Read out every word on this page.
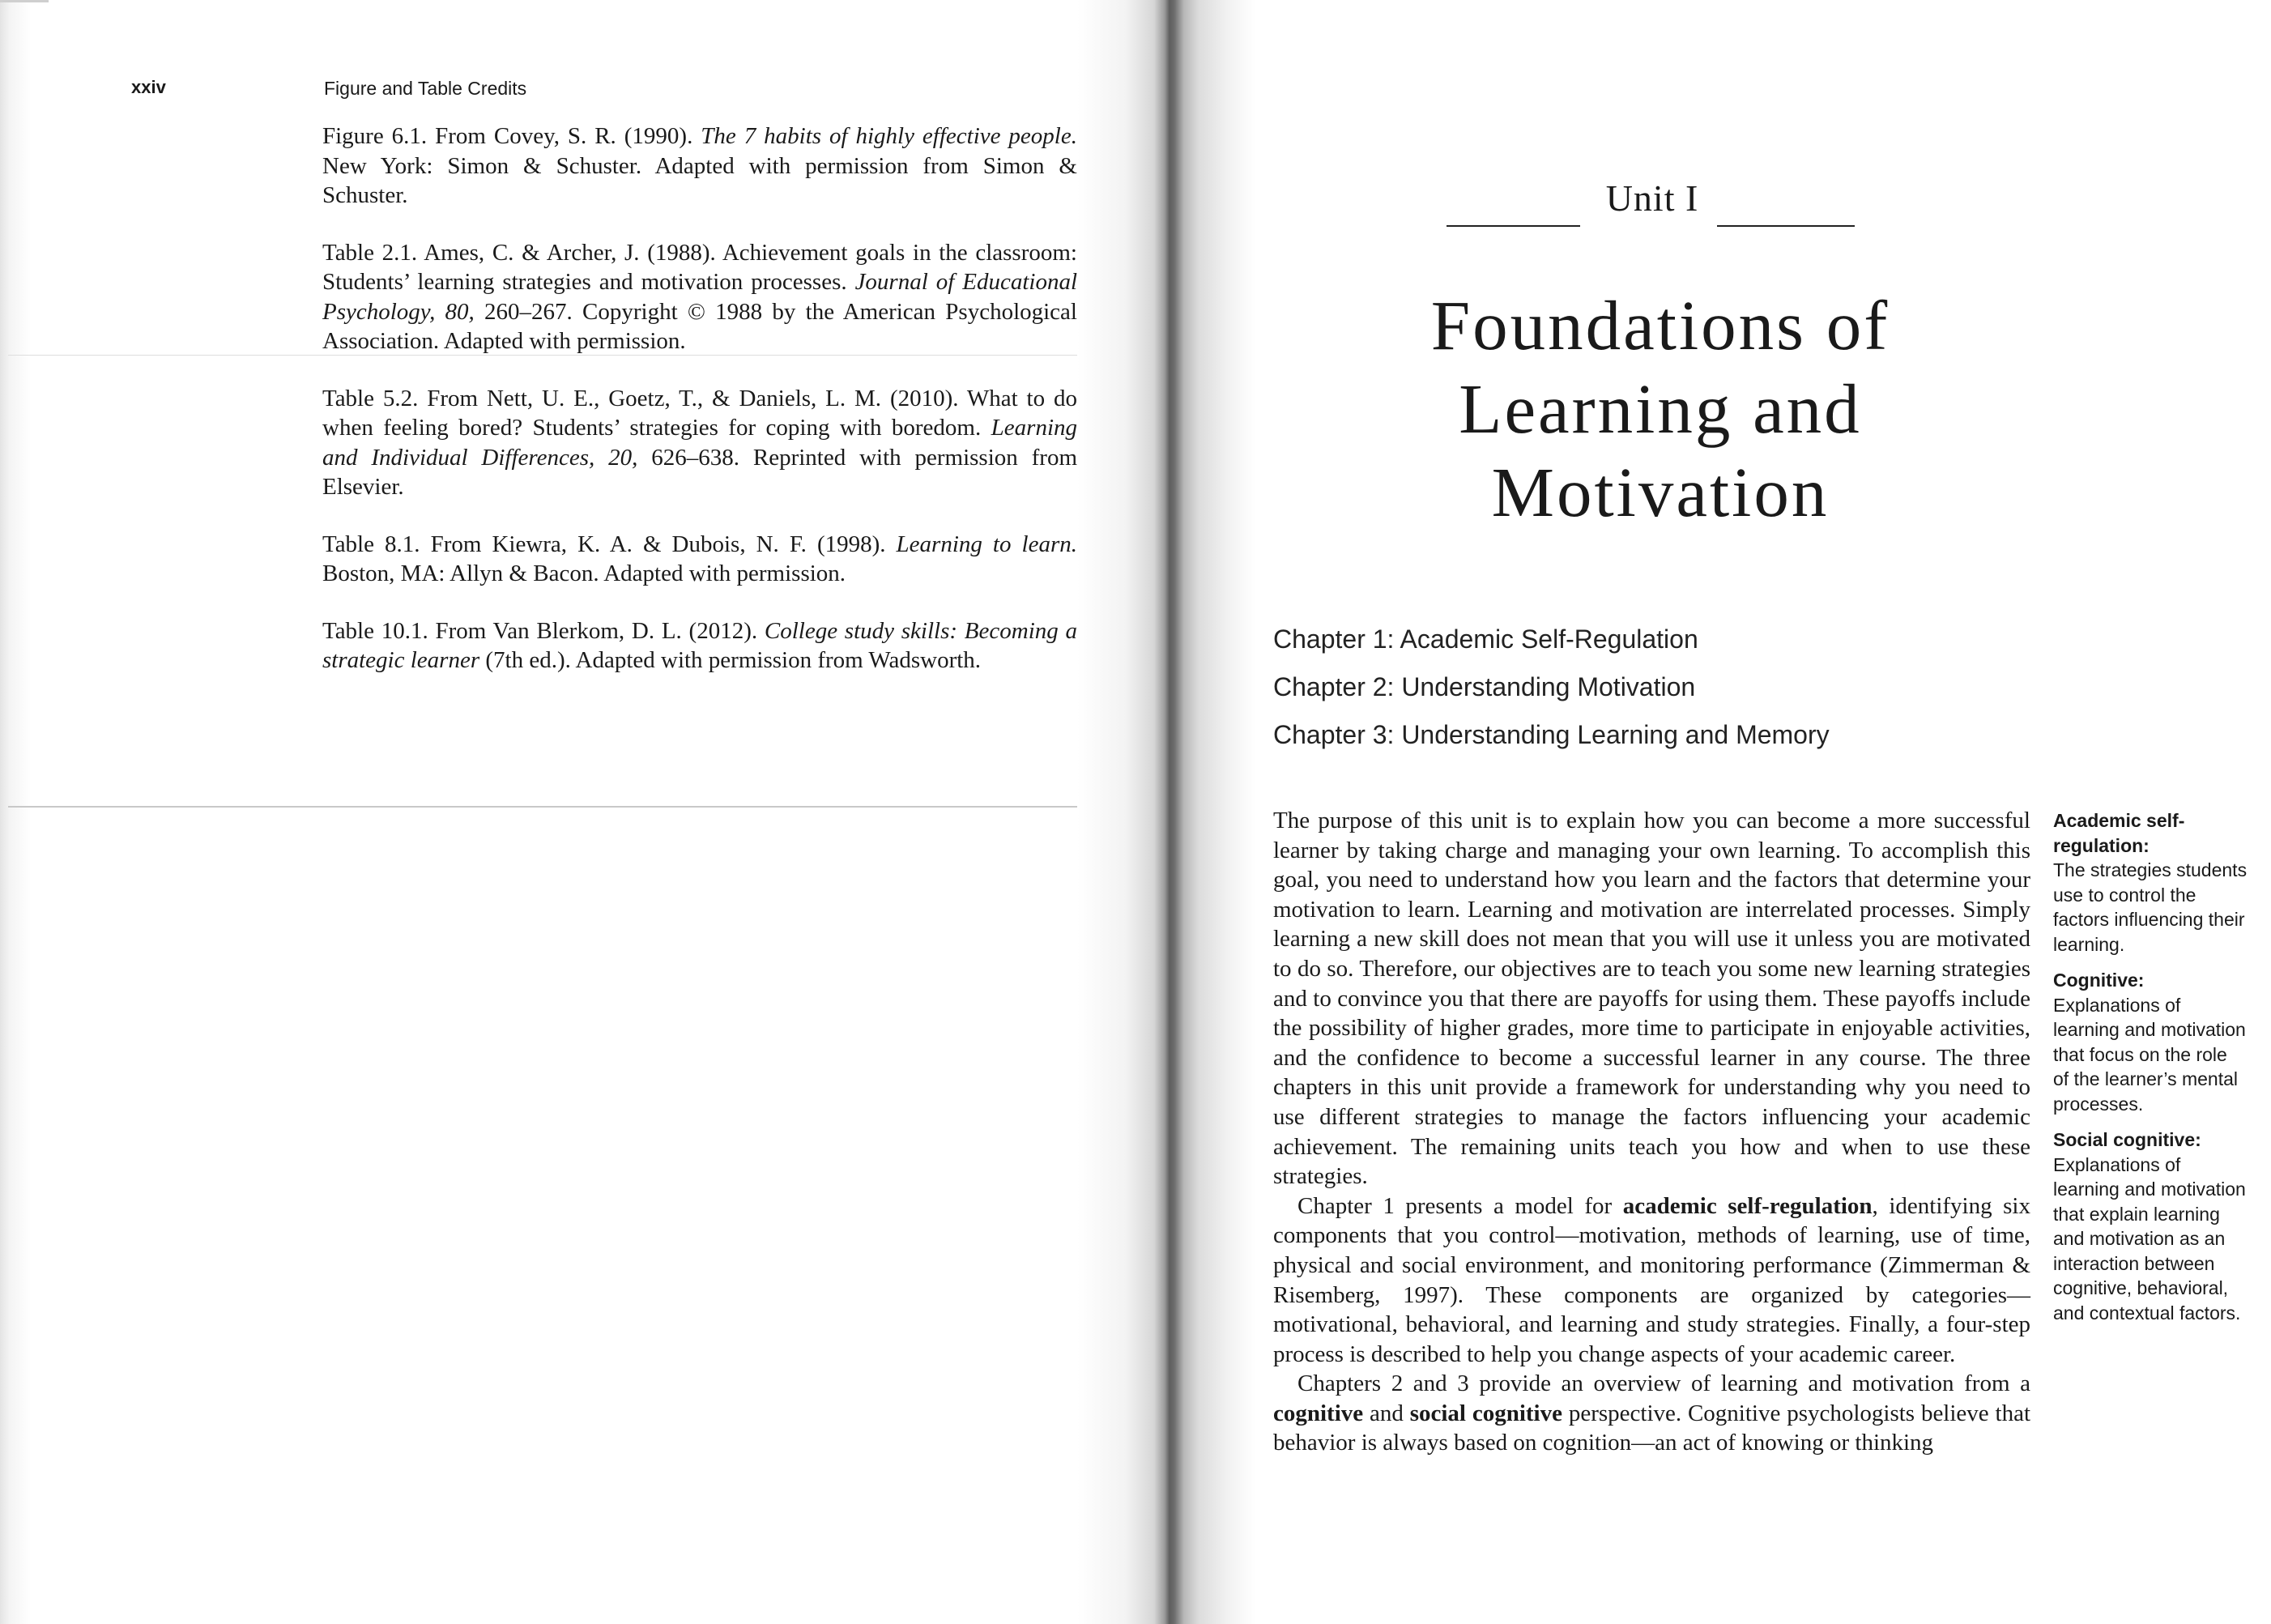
xxiv	Figure and Table Credits

Figure 6.1. From Covey, S. R. (1990). The 7 habits of highly effective people. New York: Simon & Schuster. Adapted with permission from Simon & Schuster.

Table 2.1. Ames, C. & Archer, J. (1988). Achievement goals in the classroom: Students’ learning strategies and motivation processes. Journal of Educational Psychology, 80, 260–267. Copyright © 1988 by the American Psychological Association. Adapted with permission.

Table 5.2. From Nett, U. E., Goetz, T., & Daniels, L. M. (2010). What to do when feeling bored? Students’ strategies for coping with boredom. Learning and Individual Differences, 20, 626–638. Reprinted with permission from Elsevier.

Table 8.1. From Kiewra, K. A. & Dubois, N. F. (1998). Learning to learn. Boston, MA: Allyn & Bacon. Adapted with permission.

Table 10.1. From Van Blerkom, D. L. (2012). College study skills: Becoming a strategic learner (7th ed.). Adapted with permission from Wadsworth.

Unit I
Foundations of
Learning and
Motivation
Chapter 1: Academic Self-Regulation
Chapter 2: Understanding Motivation
Chapter 3: Understanding Learning and Memory

The purpose of this unit is to explain how you can become a more successful learner by taking charge and managing your own learning. To accomplish this goal, you need to understand how you learn and the factors that determine your motivation to learn. Learning and motivation are interrelated processes. Simply learning a new skill does not mean that you will use it unless you are motivated to do so. Therefore, our objectives are to teach you some new learning strategies and to convince you that there are payoffs for using them. These payoffs include the possibility of higher grades, more time to participate in enjoyable activities, and the confidence to become a successful learner in any course. The three chapters in this unit provide a framework for understanding why you need to use different strategies to manage the factors influencing your academic achievement. The remaining units teach you how and when to use these strategies.

Chapter 1 presents a model for academic self-regulation, identifying six components that you control—motivation, methods of learning, use of time, physical and social environment, and monitoring performance (Zimmerman & Risemberg, 1997). These components are organized by categories—motivational, behavioral, and learning and study strategies. Finally, a four-step process is described to help you change aspects of your academic career.

Chapters 2 and 3 provide an overview of learning and motivation from a cognitive and social cognitive perspective. Cognitive psychologists believe that behavior is always based on cognition—an act of knowing or thinking

Academic self-regulation:
The strategies students use to control the factors influencing their learning.
Cognitive:
Explanations of learning and motivation that focus on the role of the learner’s mental processes.
Social cognitive:
Explanations of learning and motivation that explain learning and motivation as an interaction between cognitive, behavioral, and contextual factors.
